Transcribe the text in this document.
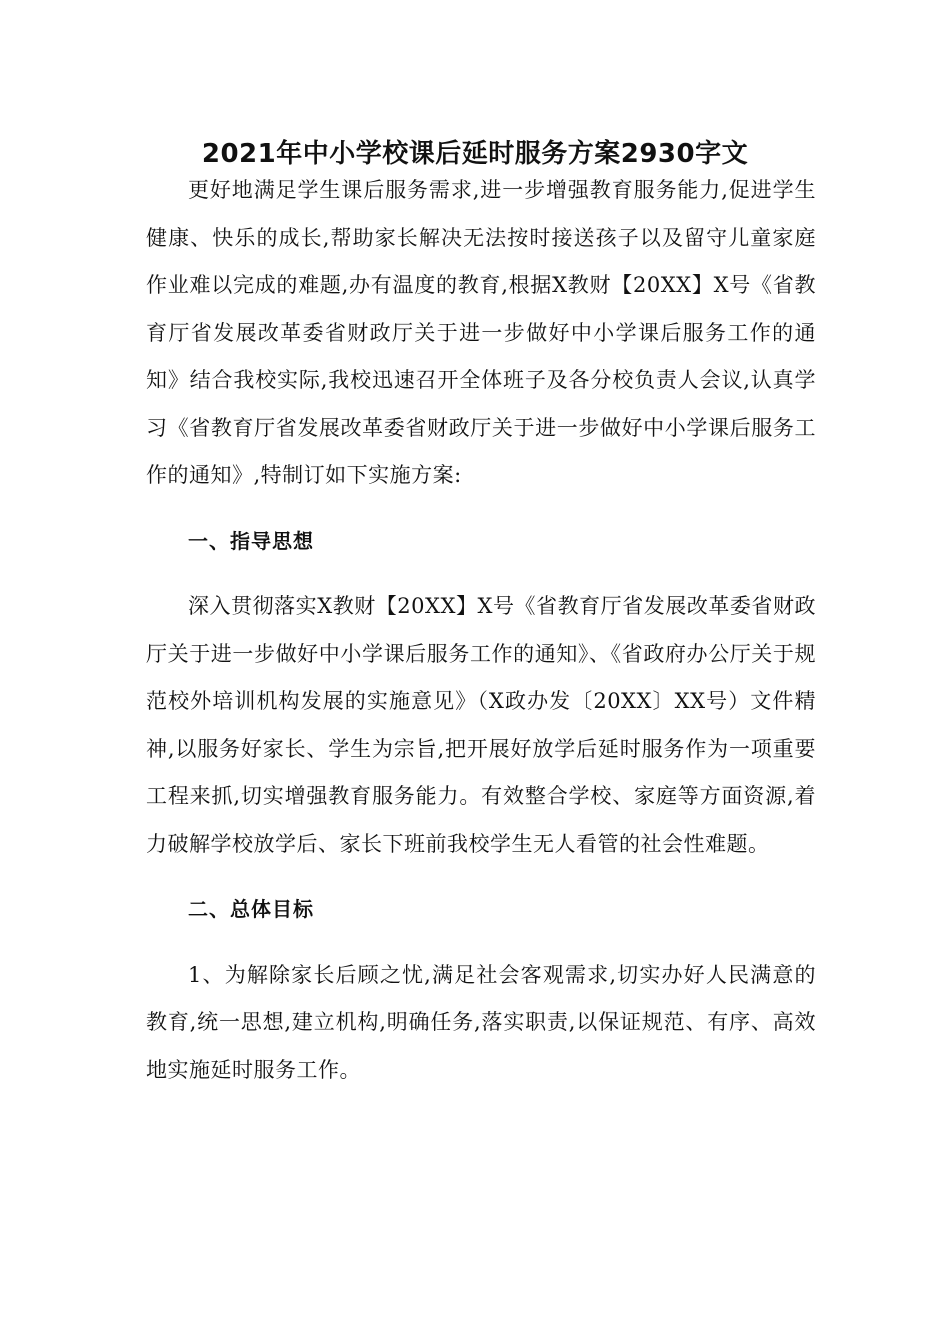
2021年中小学校课后延时服务方案2930字文

更好地满足学生课后服务需求,进一步增强教育服务能力,促进学生健康、快乐的成长,帮助家长解决无法按时接送孩子以及留守儿童家庭作业难以完成的难题,办有温度的教育,根据X教财【20XX】X号《省教育厅省发展改革委省财政厅关于进一步做好中小学课后服务工作的通知》结合我校实际,我校迅速召开全体班子及各分校负责人会议,认真学习《省教育厅省发展改革委省财政厅关于进一步做好中小学课后服务工作的通知》,特制订如下实施方案:

一、指导思想

深入贯彻落实X教财【20XX】X号《省教育厅省发展改革委省财政厅关于进一步做好中小学课后服务工作的通知》、《省政府办公厅关于规范校外培训机构发展的实施意见》（X政办发〔20XX〕XX号）文件精神,以服务好家长、学生为宗旨,把开展好放学后延时服务作为一项重要工程来抓,切实增强教育服务能力。有效整合学校、家庭等方面资源,着力破解学校放学后、家长下班前我校学生无人看管的社会性难题。

二、总体目标

1、为解除家长后顾之忧,满足社会客观需求,切实办好人民满意的教育,统一思想,建立机构,明确任务,落实职责,以保证规范、有序、高效地实施延时服务工作。
